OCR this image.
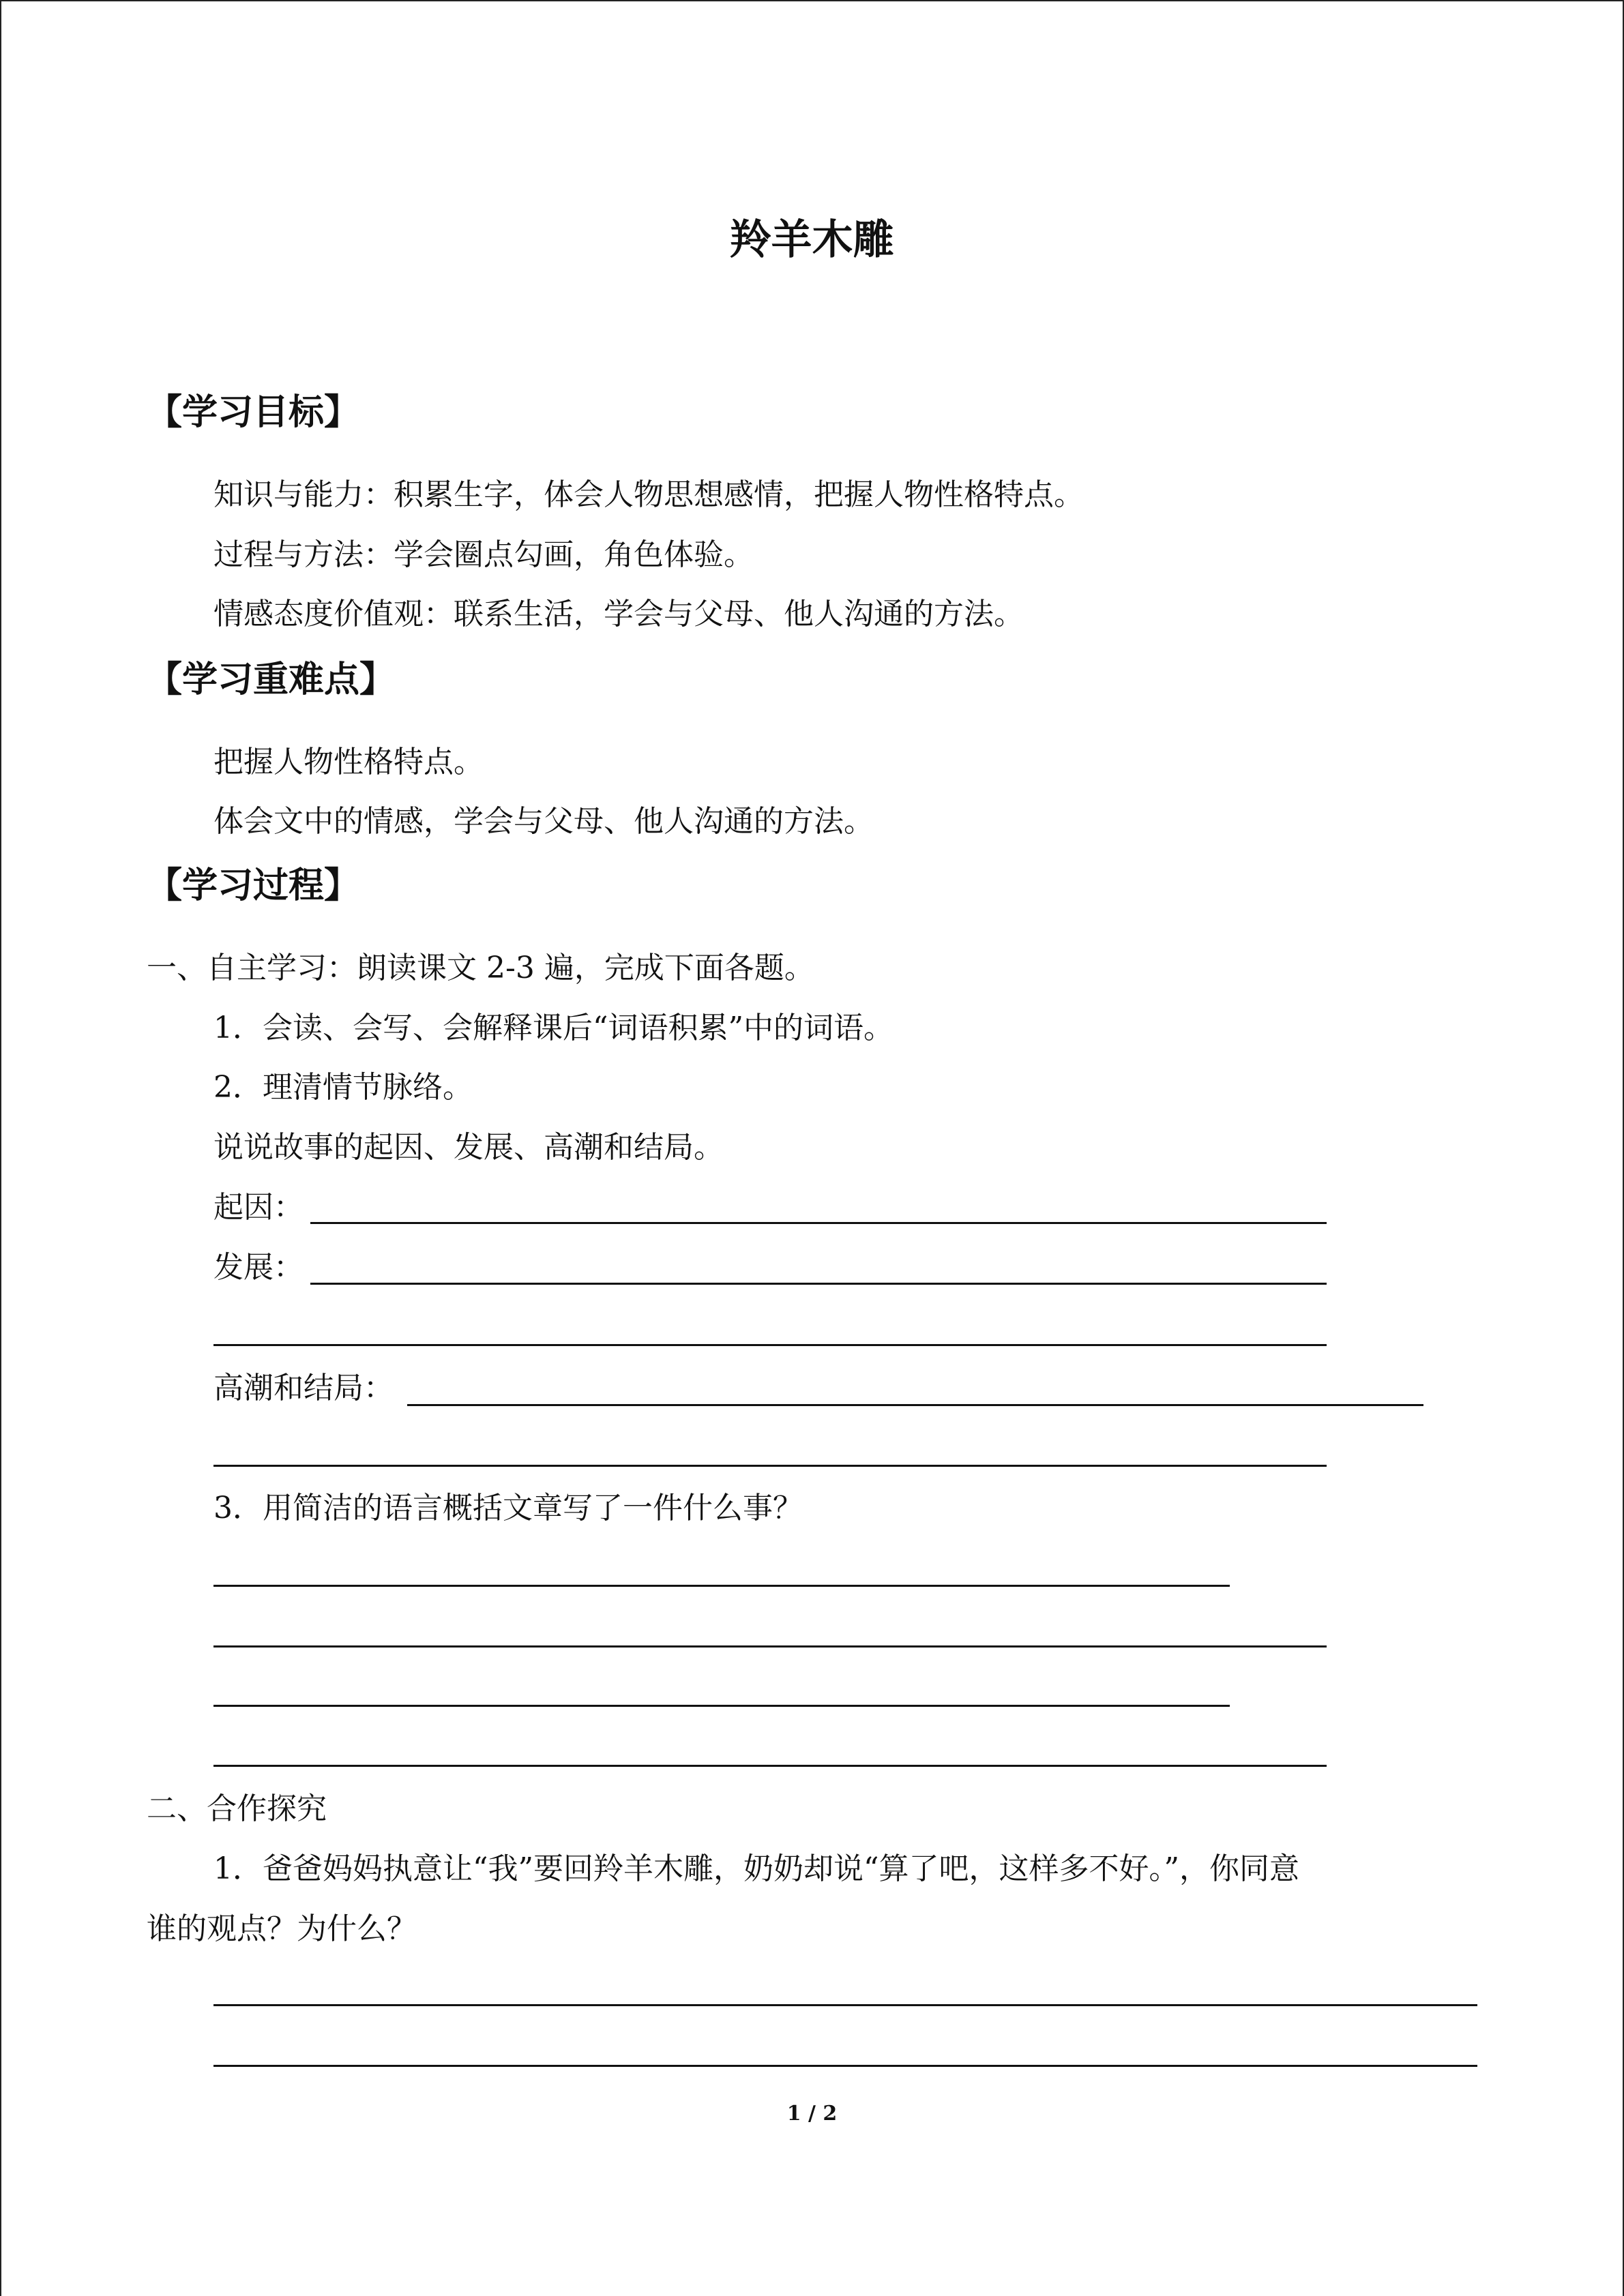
羚羊木雕
【学习目标】
知识与能力：积累生字，体会人物思想感情，把握人物性格特点。
过程与方法：学会圈点勾画，角色体验。
情感态度价值观：联系生活，学会与父母、他人沟通的方法。
【学习重难点】
把握人物性格特点。
体会文中的情感，学会与父母、他人沟通的方法。
【学习过程】
一、自主学习：朗读课文 2-3 遍，完成下面各题。
1．会读、会写、会解释课后“词语积累”中的词语。
2．理清情节脉络。
说说故事的起因、发展、高潮和结局。
起因：
发展：
高潮和结局：
3．用简洁的语言概括文章写了一件什么事？
二、合作探究
1．爸爸妈妈执意让“我”要回羚羊木雕，奶奶却说“算了吧，这样多不好。”，你同意
谁的观点？为什么？
1 / 2
